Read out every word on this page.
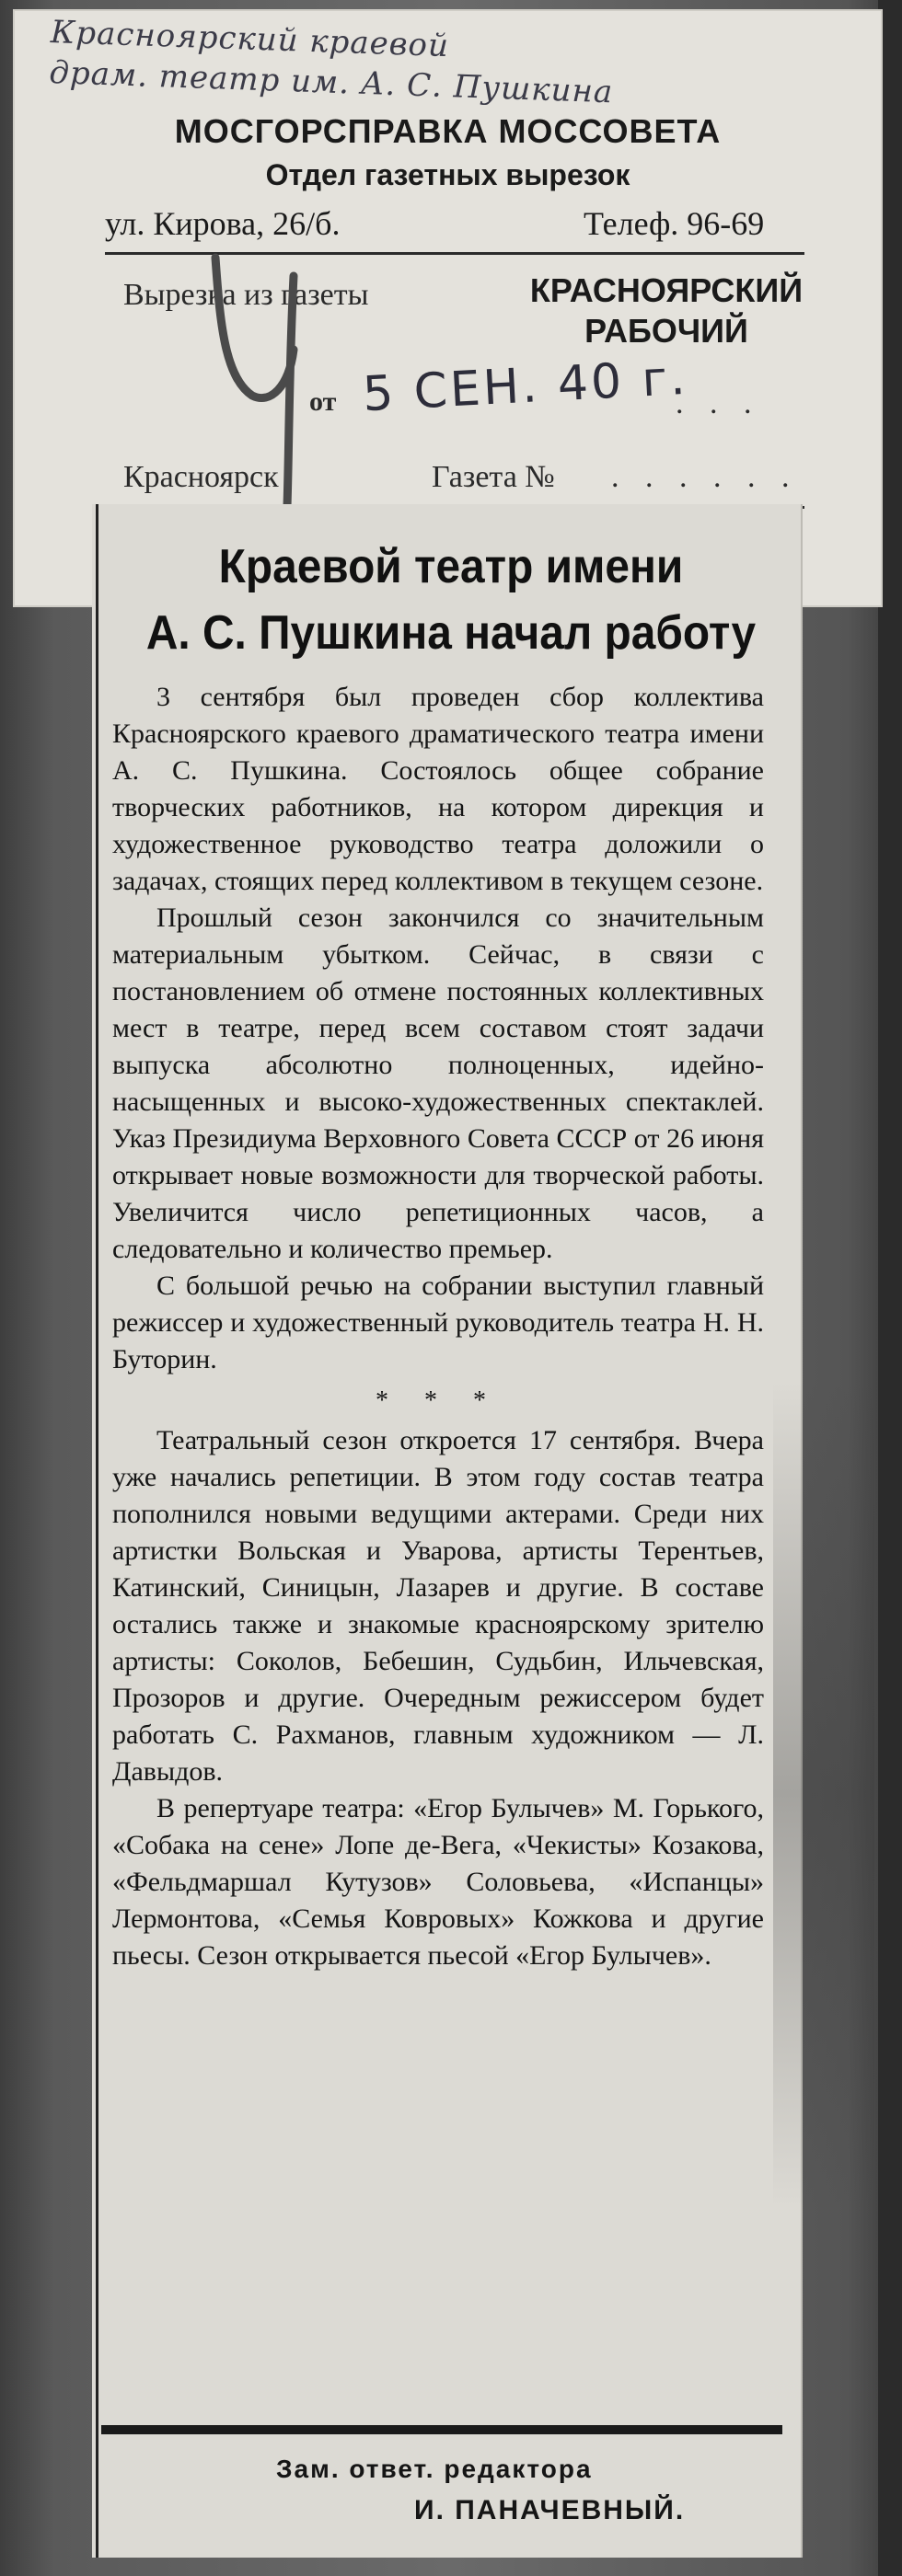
Красноярский краевой
драм. театр им. А. С. Пушкина
МОСГОРСПРАВКА МОССОВЕТА
Отдел газетных вырезок
ул. Кирова, 26/б.	Телеф. 96-69
Вырезка из газеты	КРАСНОЯРСКИЙ
РАБОЧИЙ
от 5 СЕН. 40 г.
. . .
Красноярск	Газета № . . . . . .
Краевой театр имени
А. С. Пушкина начал работу

3 сентября был проведен сбор коллектива Красноярского краевого драматического театра имени А. С. Пушкина. Состоялось общее собрание творческих работников, на котором дирекция и художественное руководство театра доложили о задачах, стоящих перед коллективом в текущем сезоне.

Прошлый сезон закончился со значительным материальным убытком. Сейчас, в связи с постановлением об отмене постоянных коллективных мест в театре, перед всем составом стоят задачи выпуска абсолютно полноценных, идейно-насыщенных и высоко-художественных спектаклей. Указ Президиума Верховного Совета СССР от 26 июня открывает новые возможности для творческой работы. Увеличится число репетиционных часов, а следовательно и количество премьер.

С большой речью на собрании выступил главный режиссер и художественный руководитель театра Н. Н. Буторин.

* * *

Театральный сезон откроется 17 сентября. Вчера уже начались репетиции. В этом году состав театра пополнился новыми ведущими актерами. Среди них артистки Вольская и Уварова, артисты Терентьев, Катинский, Синицын, Лазарев и другие. В составе остались также и знакомые красноярскому зрителю артисты: Соколов, Бебешин, Судьбин, Ильчевская, Прозоров и другие. Очередным режиссером будет работать С. Рахманов, главным художником — Л. Давыдов.

В репертуаре театра: «Егор Булычев» М. Горького, «Собака на сене» Лопе де-Вега, «Чекисты» Козакова, «Фельдмаршал Кутузов» Соловьева, «Испанцы» Лермонтова, «Семья Ковровых» Кожкова и другие пьесы. Сезон открывается пьесой «Егор Булычев».

Зам. ответ. редактора
И. ПАНАЧЕВНЫЙ.
